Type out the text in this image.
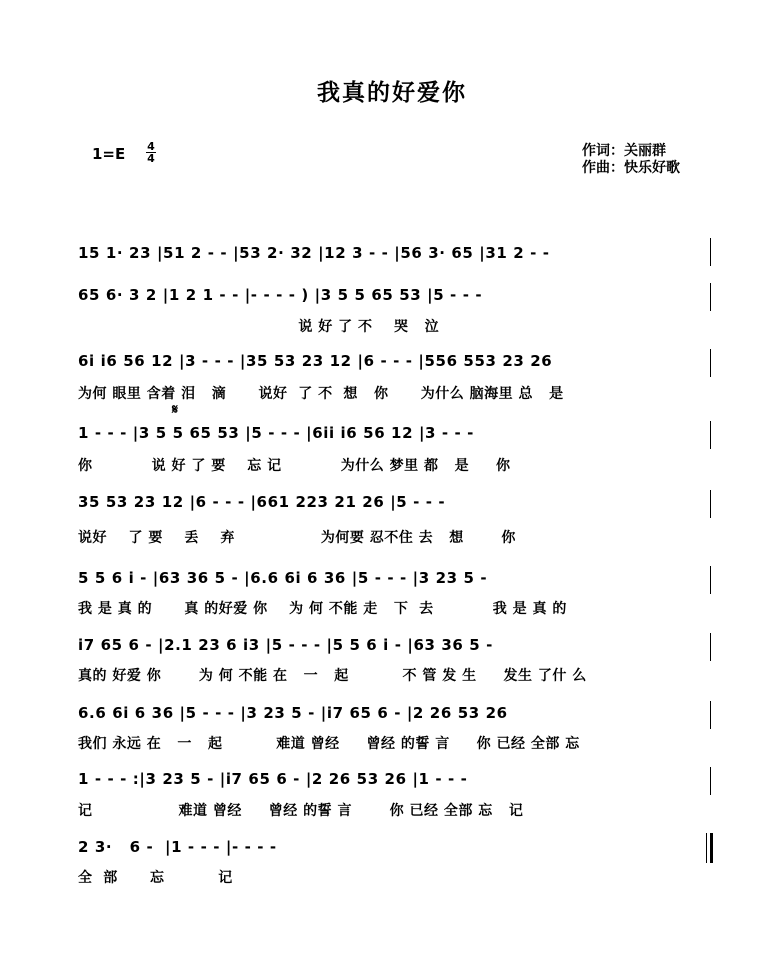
我真的好爱你
1=E 4
4	作词：关丽群
作曲：快乐好歌
𝄋
15 1· 23 |51 2 - - |53 2· 32 |12 3 - - |56 3· 65 |31 2 - -
65 6· 3 2 |1 2 1 - - |- - - - ) |3 5 5 65 53 |5 - - -
说 好 了 不    哭   泣
6i i6 56 12 |3 - - - |35 53 23 12 |6 - - - |556 553 23 26
为何 眼里 含着 泪   滴      说好  了 不  想   你      为什么 脑海里 总   是
1 - - - |3 5 5 65 53 |5 - - - |6ii i6 56 12 |3 - - -
你           说 好 了 要    忘 记           为什么 梦里 都   是     你
35 53 23 12 |6 - - - |661 223 21 26 |5 - - -
说好    了 要    丢    弃                为何要 忍不住 去   想       你
5 5 6 i - |63 36 5 - |6.6 6i 6 36 |5 - - - |3 23 5 -
我 是 真 的      真 的好爱 你    为 何 不能 走   下  去           我 是 真 的
i7 65 6 - |2.1 23 6 i3 |5 - - - |5 5 6 i - |63 36 5 -
真的 好爱 你       为 何 不能 在   一   起          不 管 发 生     发生 了什 么
6.6 6i 6 36 |5 - - - |3 23 5 - |i7 65 6 - |2 26 53 26
我们 永远 在   一   起          难道 曾经     曾经 的誓 言     你 已经 全部 忘
1 - - - :|3 23 5 - |i7 65 6 - |2 26 53 26 |1 - - -
记                难道 曾经     曾经 的誓 言       你 已经 全部 忘   记
2 3·   6 -  |1 - - - |- - - -
全  部      忘          记
